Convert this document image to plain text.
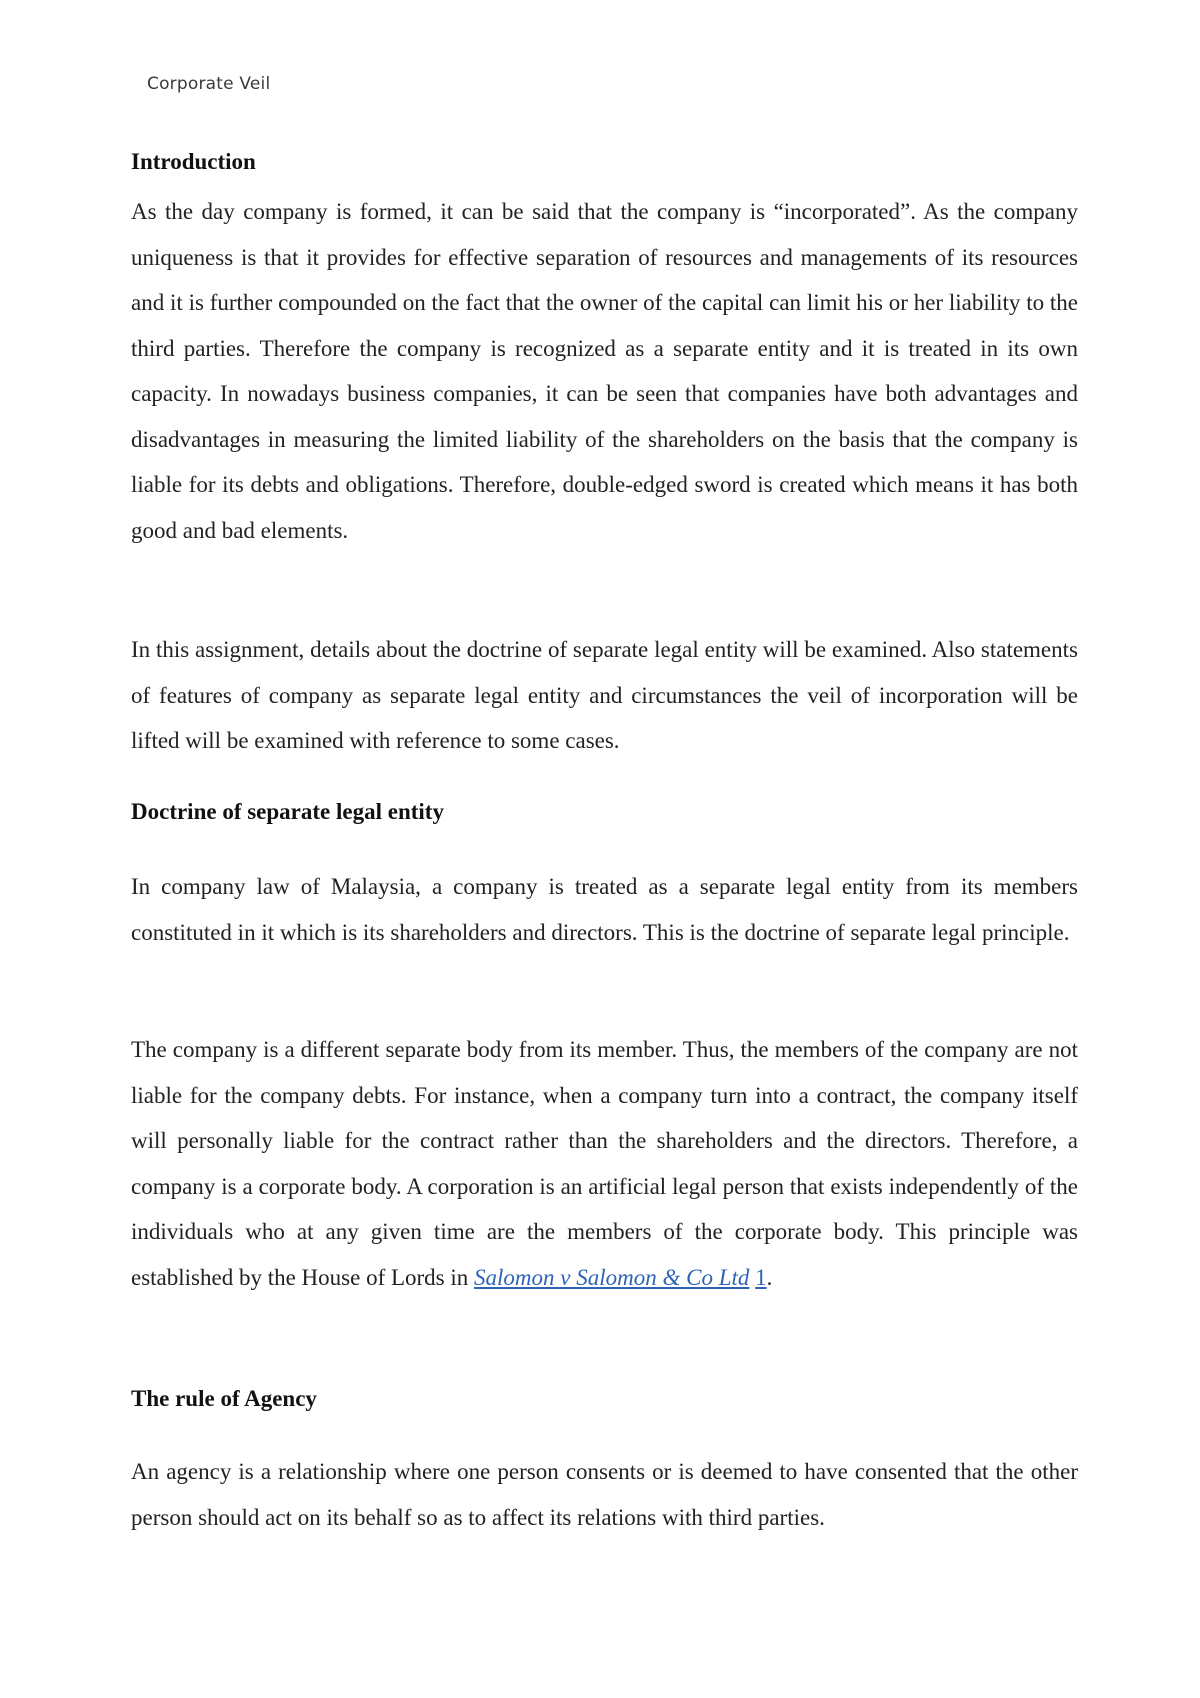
Corporate Veil
Introduction

As the day company is formed, it can be said that the company is “incorporated”. As the company uniqueness is that it provides for effective separation of resources and managements of its resources and it is further compounded on the fact that the owner of the capital can limit his or her liability to the third parties. Therefore the company is recognized as a separate entity and it is treated in its own capacity. In nowadays business companies, it can be seen that companies have both advantages and disadvantages in measuring the limited liability of the shareholders on the basis that the company is liable for its debts and obligations. Therefore, double-edged sword is created which means it has both good and bad elements.

In this assignment, details about the doctrine of separate legal entity will be examined. Also statements of features of company as separate legal entity and circumstances the veil of incorporation will be lifted will be examined with reference to some cases.

Doctrine of separate legal entity

In company law of Malaysia, a company is treated as a separate legal entity from its members constituted in it which is its shareholders and directors. This is the doctrine of separate legal principle.

The company is a different separate body from its member. Thus, the members of the company are not liable for the company debts. For instance, when a company turn into a contract, the company itself will personally liable for the contract rather than the shareholders and the directors. Therefore, a company is a corporate body. A corporation is an artificial legal person that exists independently of the individuals who at any given time are the members of the corporate body. This principle was established by the House of Lords in Salomon v Salomon & Co Ltd 1.

The rule of Agency

An agency is a relationship where one person consents or is deemed to have consented that the other person should act on its behalf so as to affect its relations with third parties.
